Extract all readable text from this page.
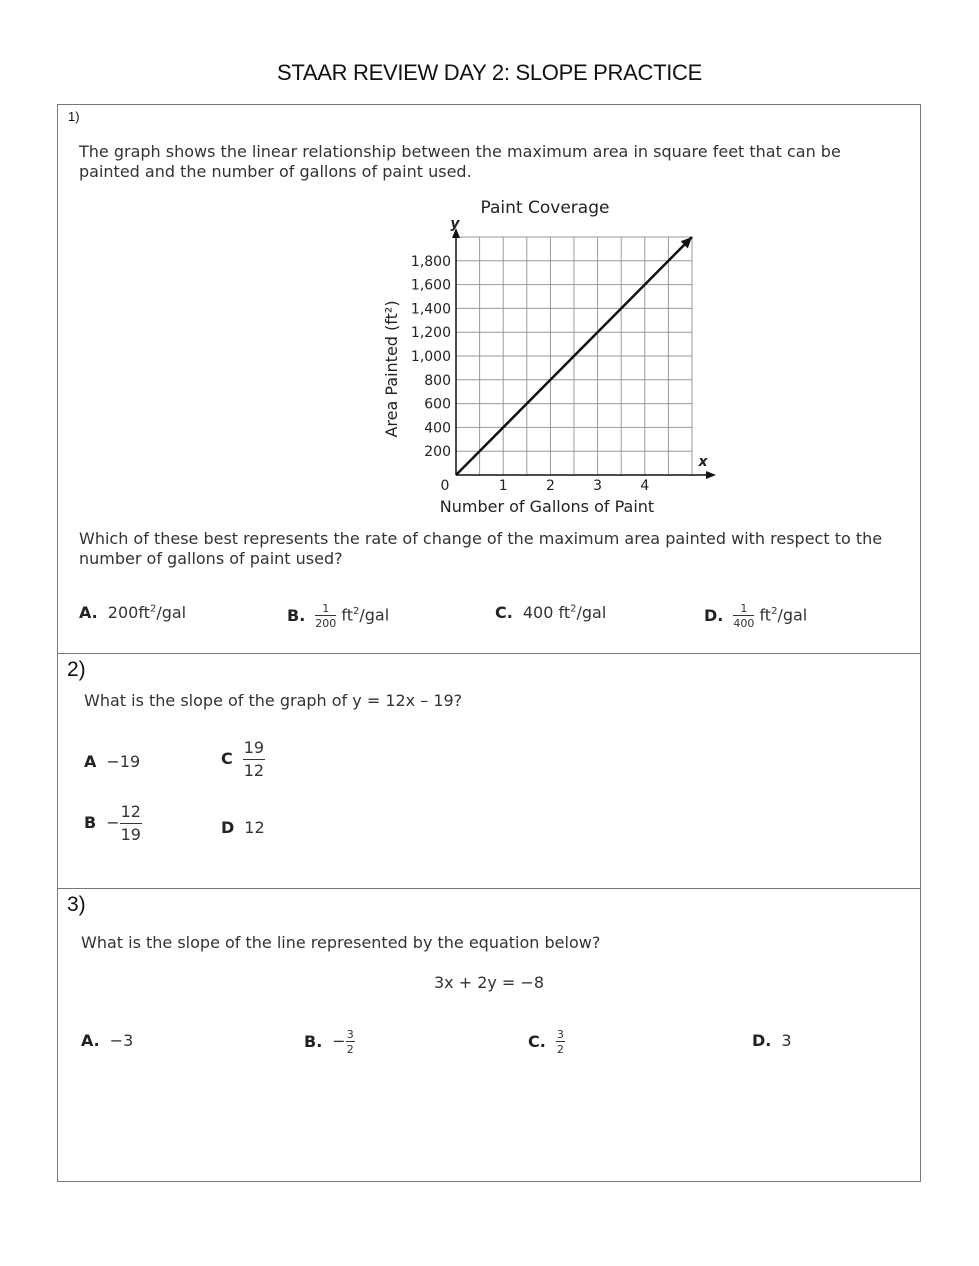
STAAR REVIEW DAY 2: SLOPE PRACTICE
1)
The graph shows the linear relationship between the maximum area in square feet that can be painted and the number of gallons of paint used.
1	2	3	4
200
400
600
800
1,000
1,200
1,400
1,600
1,800
Paint Coverage
Number of Gallons of Paint
Area Painted (ft²)
y
x
0
Which of these best represents the rate of change of the maximum area painted with respect to the number of gallons of paint used?
A. $200ft^2$/gal	B. $\frac{1}{200} ft^2/gal$	C. 400 $ft^2$/gal	D. $\frac{1}{400} ft^2/gal$
2)
What is the slope of the graph of y = 12x – 19?
A −19	C $\frac{19}{12}$
$B - \frac{12}{19}$	D 12
3)
What is the slope of the line represented by the equation below?
3x + 2y = −8
A. −3	B. − $\frac{3}{2}$	C. $\frac{3}{2}$	D. 3
